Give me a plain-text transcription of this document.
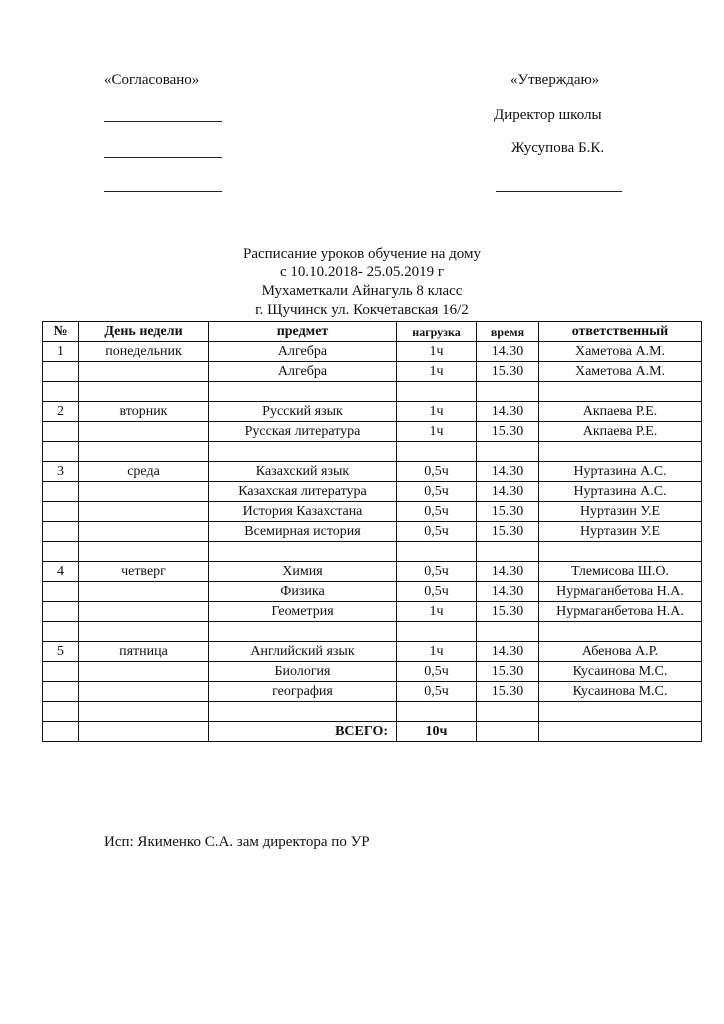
«Согласовано»	«Утверждаю»
Директор школы
Жусупова Б.К.
Расписание уроков обучение на дому
с 10.10.2018- 25.05.2019 г
Мухаметкали Айнагуль 8 класс
г. Щучинск ул. Кокчетавская 16/2
№	День недели	предмет	нагрузка	время	ответственный
1	понедельник	Алгебра	1ч	14.30	Хаметова А.М.
		Алгебра	1ч	15.30	Хаметова А.М.

2	вторник	Русский язык	1ч	14.30	Акпаева Р.Е.
		Русская литература	1ч	15.30	Акпаева Р.Е.

3	среда	Казахский язык	0,5ч	14.30	Нуртазина А.С.
		Казахская литература	0,5ч	14.30	Нуртазина А.С.
		История Казахстана	0,5ч	15.30	Нуртазин У.Е
		Всемирная история	0,5ч	15.30	Нуртазин У.Е

4	четверг	Химия	0,5ч	14.30	Тлемисова Ш.О.
		Физика	0,5ч	14.30	Нурмаганбетова Н.А.
		Геометрия	1ч	15.30	Нурмаганбетова Н.А.

5	пятница	Английский язык	1ч	14.30	Абенова А.Р.
		Биология	0,5ч	15.30	Кусаинова М.С.
		география	0,5ч	15.30	Кусаинова М.С.

		ВСЕГО:	10ч		
Исп: Якименко С.А. зам директора по УР
